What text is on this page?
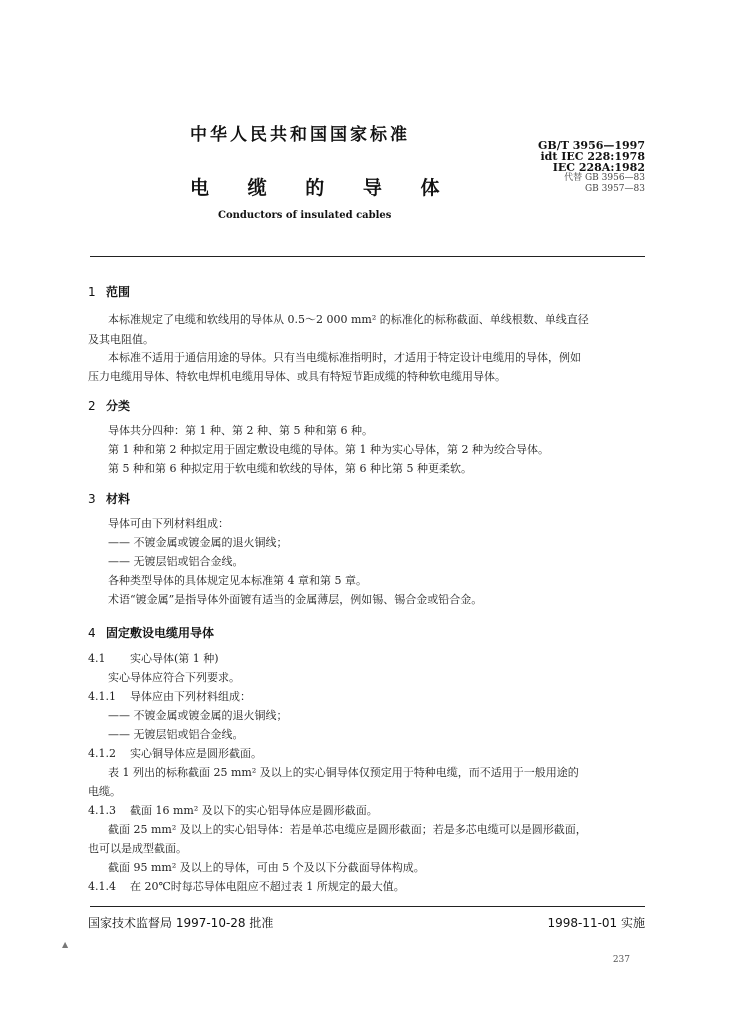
中华人民共和国国家标准
电 缆 的 导 体
Conductors of insulated cables
GB/T 3956—1997
idt IEC 228:1978
IEC 228A:1982
代替 GB 3956—83
GB 3957—83
1 范围
本标准规定了电缆和软线用的导体从 0.5～2 000 mm² 的标准化的标称截面、单线根数、单线直径
及其电阻值。
本标准不适用于通信用途的导体。只有当电缆标准指明时，才适用于特定设计电缆用的导体，例如
压力电缆用导体、特软电焊机电缆用导体、或具有特短节距成缆的特种软电缆用导体。
2 分类
导体共分四种：第 1 种、第 2 种、第 5 种和第 6 种。
第 1 种和第 2 种拟定用于固定敷设电缆的导体。第 1 种为实心导体，第 2 种为绞合导体。
第 5 种和第 6 种拟定用于软电缆和软线的导体，第 6 种比第 5 种更柔软。
3 材料
导体可由下列材料组成：
—— 不镀金属或镀金属的退火铜线；
—— 无镀层铝或铝合金线。
各种类型导体的具体规定见本标准第 4 章和第 5 章。
术语“镀金属”是指导体外面镀有适当的金属薄层，例如锡、锡合金或铅合金。
4 固定敷设电缆用导体
4.1 实心导体(第 1 种)
实心导体应符合下列要求。
4.1.1 导体应由下列材料组成：
—— 不镀金属或镀金属的退火铜线；
—— 无镀层铝或铝合金线。
4.1.2 实心铜导体应是圆形截面。
表 1 列出的标称截面 25 mm² 及以上的实心铜导体仅预定用于特种电缆，而不适用于一般用途的
电缆。
4.1.3 截面 16 mm² 及以下的实心铝导体应是圆形截面。
截面 25 mm² 及以上的实心铝导体：若是单芯电缆应是圆形截面；若是多芯电缆可以是圆形截面，
也可以是成型截面。
截面 95 mm² 及以上的导体，可由 5 个及以下分截面导体构成。
4.1.4 在 20℃时每芯导体电阻应不超过表 1 所规定的最大值。
国家技术监督局 1997-10-28 批准	1998-11-01 实施
237
▲
